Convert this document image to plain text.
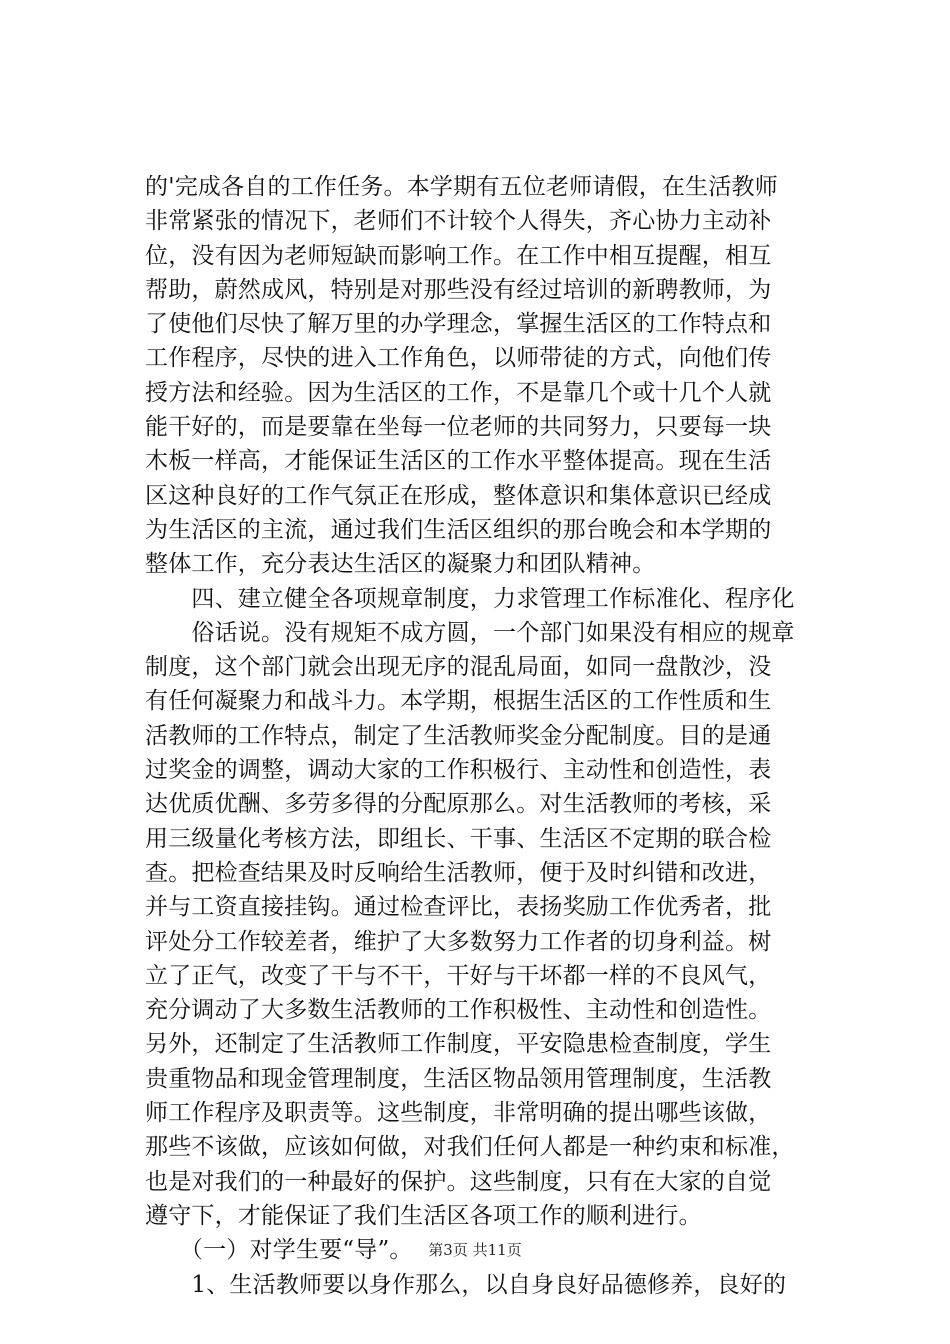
的'完成各自的工作任务。本学期有五位老师请假，在生活教师
非常紧张的情况下，老师们不计较个人得失，齐心协力主动补
位，没有因为老师短缺而影响工作。在工作中相互提醒，相互
帮助，蔚然成风，特别是对那些没有经过培训的新聘教师，为
了使他们尽快了解万里的办学理念，掌握生活区的工作特点和
工作程序，尽快的进入工作角色，以师带徒的方式，向他们传
授方法和经验。因为生活区的工作，不是靠几个或十几个人就
能干好的，而是要靠在坐每一位老师的共同努力，只要每一块
木板一样高，才能保证生活区的工作水平整体提高。现在生活
区这种良好的工作气氛正在形成，整体意识和集体意识已经成
为生活区的主流，通过我们生活区组织的那台晚会和本学期的
整体工作，充分表达生活区的凝聚力和团队精神。
　　四、建立健全各项规章制度，力求管理工作标准化、程序化
　　俗话说。没有规矩不成方圆，一个部门如果没有相应的规章
制度，这个部门就会出现无序的混乱局面，如同一盘散沙，没
有任何凝聚力和战斗力。本学期，根据生活区的工作性质和生
活教师的工作特点，制定了生活教师奖金分配制度。目的是通
过奖金的调整，调动大家的工作积极行、主动性和创造性，表
达优质优酬、多劳多得的分配原那么。对生活教师的考核，采
用三级量化考核方法，即组长、干事、生活区不定期的联合检
查。把检查结果及时反响给生活教师，便于及时纠错和改进，
并与工资直接挂钩。通过检查评比，表扬奖励工作优秀者，批
评处分工作较差者，维护了大多数努力工作者的切身利益。树
立了正气，改变了干与不干，干好与干坏都一样的不良风气，
充分调动了大多数生活教师的工作积极性、主动性和创造性。
另外，还制定了生活教师工作制度，平安隐患检查制度，学生
贵重物品和现金管理制度，生活区物品领用管理制度，生活教
师工作程序及职责等。这些制度，非常明确的提出哪些该做，
那些不该做，应该如何做，对我们任何人都是一种约束和标准，
也是对我们的一种最好的保护。这些制度，只有在大家的自觉
遵守下，才能保证了我们生活区各项工作的顺利进行。
　　（一）对学生要“导”。
　　1、生活教师要以身作那么，以自身良好品德修养，良好的
第3页 共11页
